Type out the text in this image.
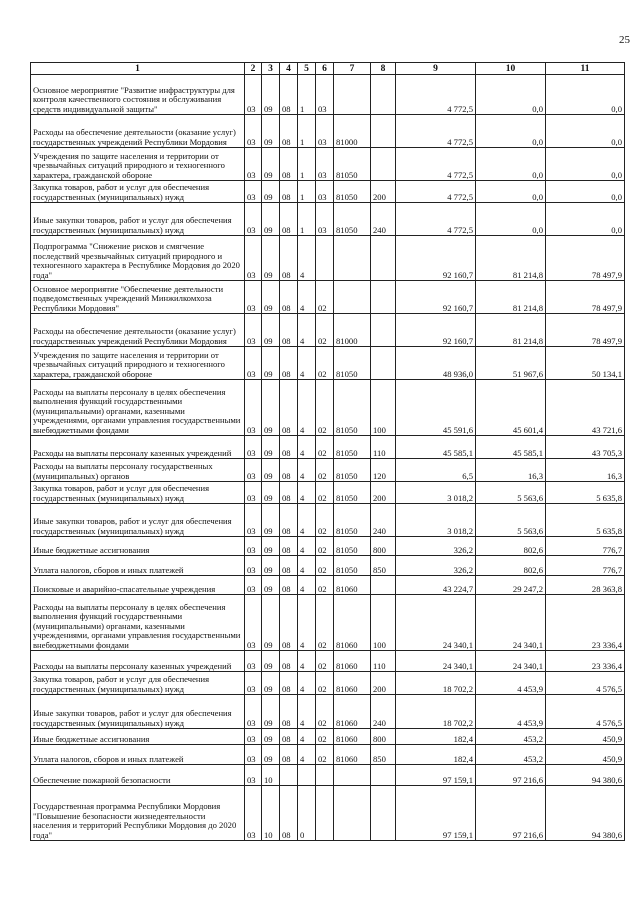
25
1	2	3	4	5	6	7	8	9	10	11
Основное мероприятие "Развитие инфраструктуры для контроля качественного состояния и обслуживания средств индивидуальной защиты"	03	09	08	1	03			4 772,5	0,0	0,0
Расходы на обеспечение деятельности (оказание услуг) государственных учреждений Республики Мордовия	03	09	08	1	03	81000		4 772,5	0,0	0,0
Учреждения по защите населения и территории от чрезвычайных ситуаций природного и техногенного характера, гражданской обороне	03	09	08	1	03	81050		4 772,5	0,0	0,0
Закупка товаров, работ и услуг для обеспечения государственных (муниципальных) нужд	03	09	08	1	03	81050	200	4 772,5	0,0	0,0
Иные закупки товаров, работ и услуг для обеспечения государственных (муниципальных) нужд	03	09	08	1	03	81050	240	4 772,5	0,0	0,0
Подпрограмма "Снижение рисков и смягчение последствий чрезвычайных ситуаций природного и техногенного характера в Республике Мордовия до 2020 года"	03	09	08	4				92 160,7	81 214,8	78 497,9
Основное мероприятие "Обеспечение деятельности подведомственных учреждений Минжилкомхоза Республики Мордовия"	03	09	08	4	02			92 160,7	81 214,8	78 497,9
Расходы на обеспечение деятельности (оказание услуг) государственных учреждений Республики Мордовия	03	09	08	4	02	81000		92 160,7	81 214,8	78 497,9
Учреждения по защите населения и территории от чрезвычайных ситуаций природного и техногенного характера, гражданской обороне	03	09	08	4	02	81050		48 936,0	51 967,6	50 134,1
Расходы на выплаты персоналу в целях обеспечения выполнения функций государственными (муниципальными) органами, казенными учреждениями, органами управления государственными внебюджетными фондами	03	09	08	4	02	81050	100	45 591,6	45 601,4	43 721,6
Расходы на выплаты персоналу казенных учреждений	03	09	08	4	02	81050	110	45 585,1	45 585,1	43 705,3
Расходы на выплаты персоналу государственных (муниципальных) органов	03	09	08	4	02	81050	120	6,5	16,3	16,3
Закупка товаров, работ и услуг для обеспечения государственных (муниципальных) нужд	03	09	08	4	02	81050	200	3 018,2	5 563,6	5 635,8
Иные закупки товаров, работ и услуг для обеспечения государственных (муниципальных) нужд	03	09	08	4	02	81050	240	3 018,2	5 563,6	5 635,8
Иные бюджетные ассигнования	03	09	08	4	02	81050	800	326,2	802,6	776,7
Уплата налогов, сборов и иных платежей	03	09	08	4	02	81050	850	326,2	802,6	776,7
Поисковые и аварийно-спасательные учреждения	03	09	08	4	02	81060		43 224,7	29 247,2	28 363,8
Расходы на выплаты персоналу в целях обеспечения выполнения функций государственными (муниципальными) органами, казенными учреждениями, органами управления государственными внебюджетными фондами	03	09	08	4	02	81060	100	24 340,1	24 340,1	23 336,4
Расходы на выплаты персоналу казенных учреждений	03	09	08	4	02	81060	110	24 340,1	24 340,1	23 336,4
Закупка товаров, работ и услуг для обеспечения государственных (муниципальных) нужд	03	09	08	4	02	81060	200	18 702,2	4 453,9	4 576,5
Иные закупки товаров, работ и услуг для обеспечения государственных (муниципальных) нужд	03	09	08	4	02	81060	240	18 702,2	4 453,9	4 576,5
Иные бюджетные ассигнования	03	09	08	4	02	81060	800	182,4	453,2	450,9
Уплата налогов, сборов и иных платежей	03	09	08	4	02	81060	850	182,4	453,2	450,9
Обеспечение пожарной безопасности	03	10						97 159,1	97 216,6	94 380,6
Государственная программа Республики Мордовия "Повышение безопасности жизнедеятельности населения и территорий Республики Мордовия до 2020 года"	03	10	08	0				97 159,1	97 216,6	94 380,6
